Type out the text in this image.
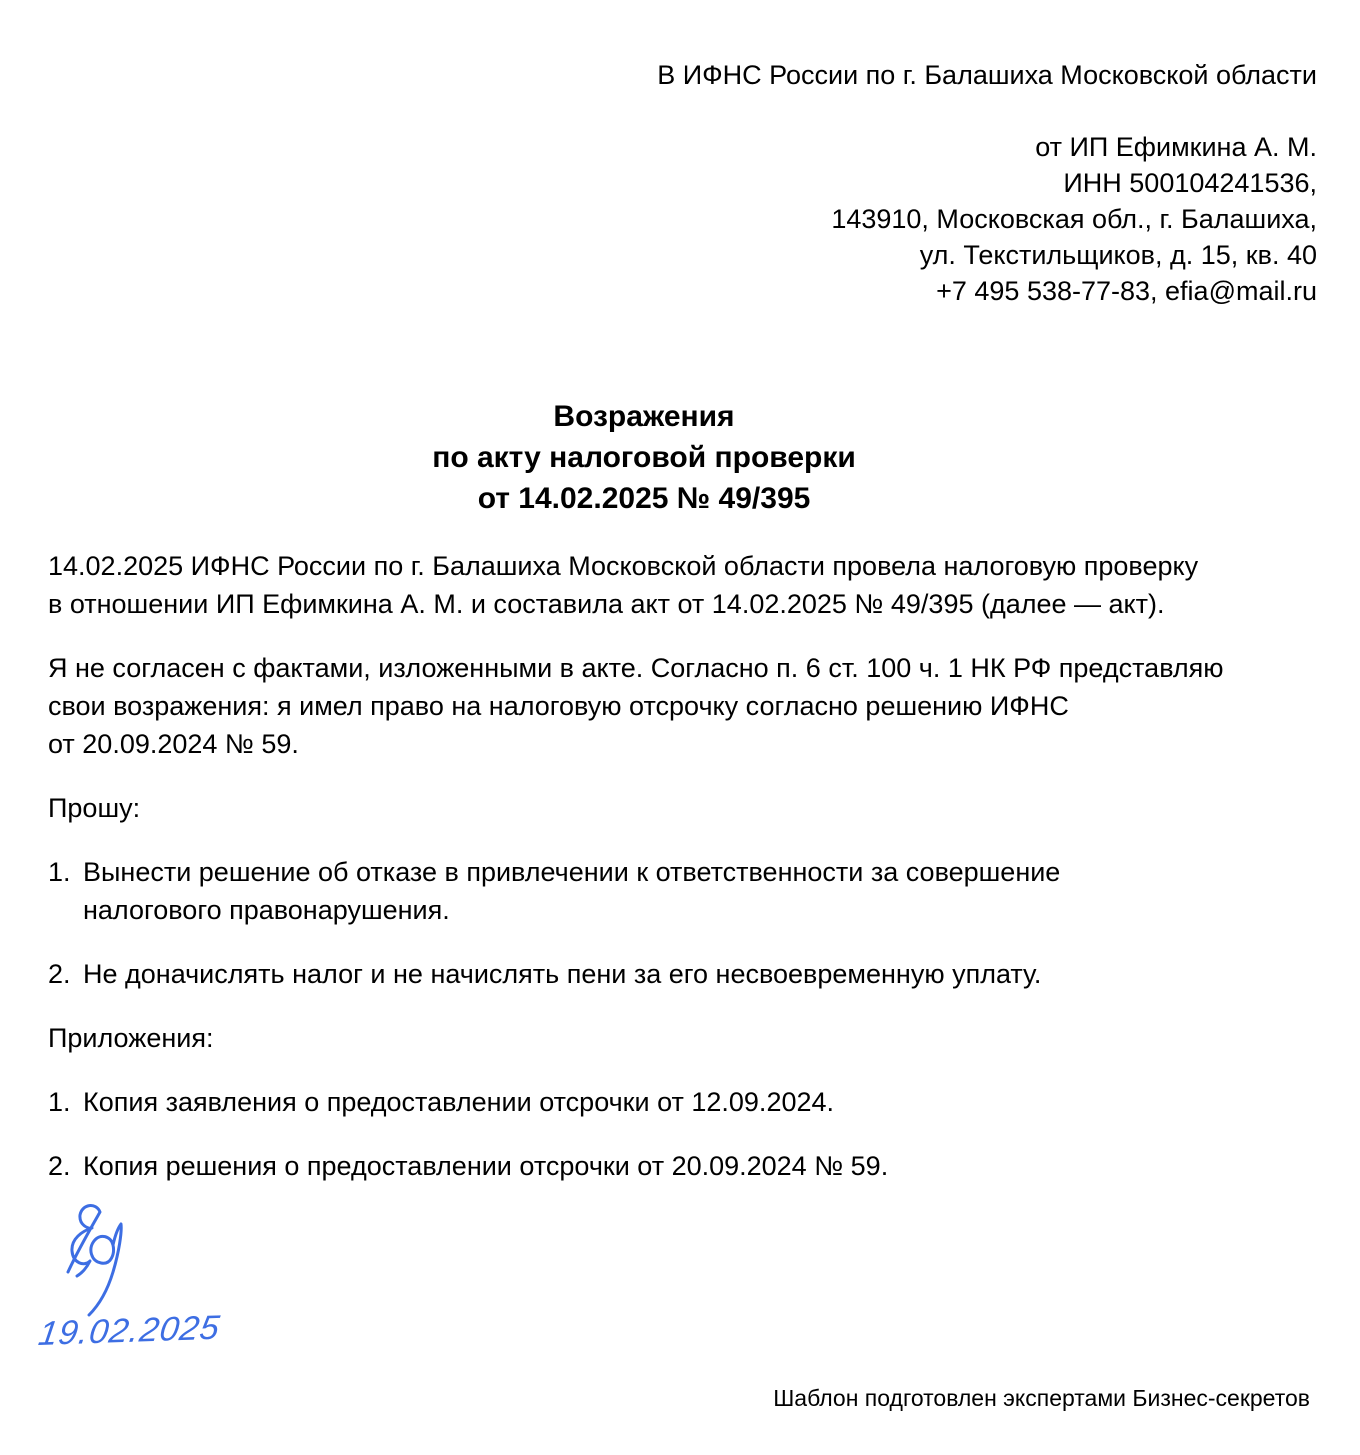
В ИФНС России по г. Балашиха Московской области
от ИП Ефимкина А. М.
ИНН 500104241536,
143910, Московская обл., г. Балашиха,
ул. Текстильщиков, д. 15, кв. 40
+7 495 538-77-83, efia@mail.ru
Возражения
по акту налоговой проверки
от 14.02.2025 № 49/395
14.02.2025 ИФНС России по г. Балашиха Московской области провела налоговую проверку
в отношении ИП Ефимкина А. М. и составила акт от 14.02.2025 № 49/395 (далее — акт).
Я не согласен с фактами, изложенными в акте. Согласно п. 6 ст. 100 ч. 1 НК РФ представляю
свои возражения: я имел право на налоговую отсрочку согласно решению ИФНС
от 20.09.2024 № 59.
Прошу:
1. Вынести решение об отказе в привлечении к ответственности за совершение
налогового правонарушения.
2. Не доначислять налог и не начислять пени за его несвоевременную уплату.
Приложения:
1. Копия заявления о предоставлении отсрочки от 12.09.2024.
2. Копия решения о предоставлении отсрочки от 20.09.2024 № 59.
19.02.2025
Шаблон подготовлен экспертами Бизнес-секретов
